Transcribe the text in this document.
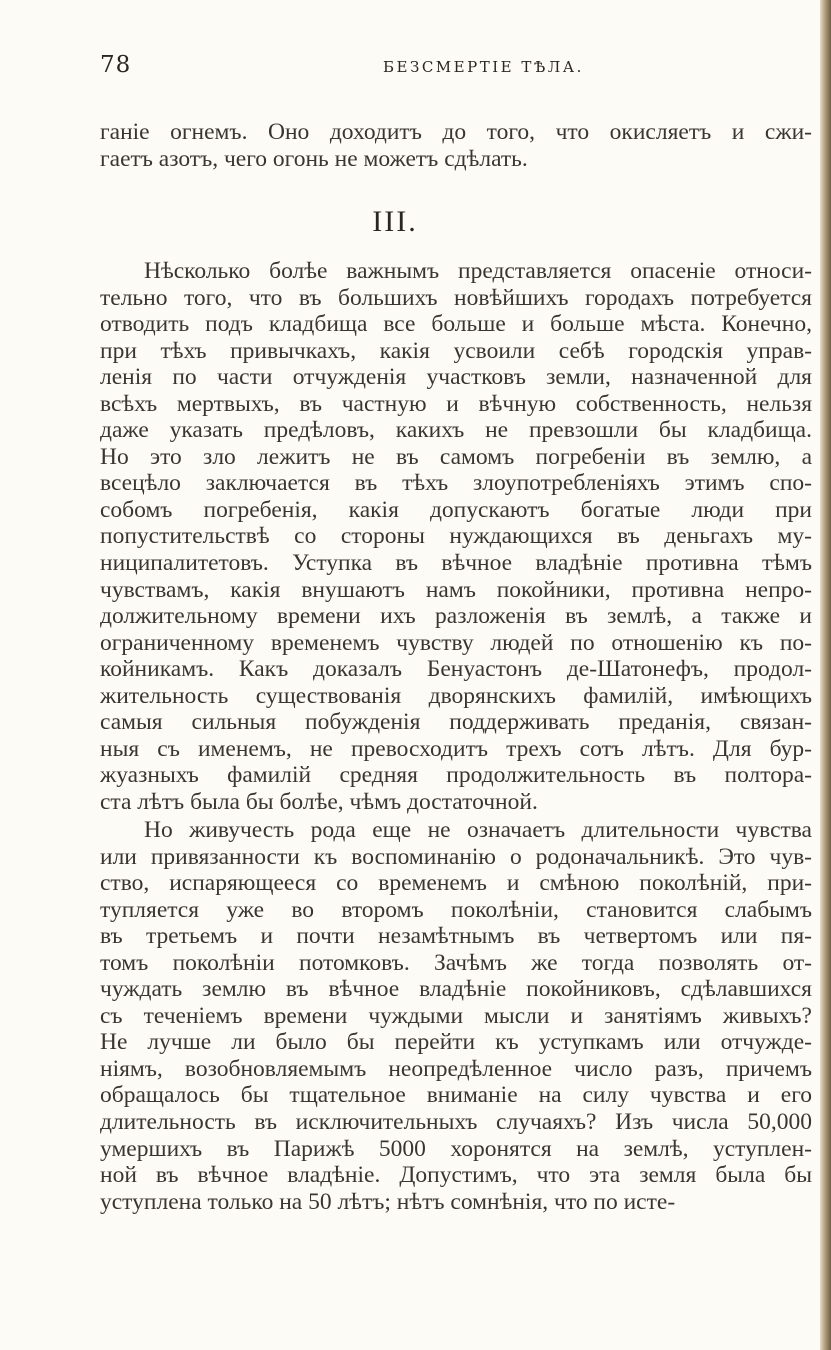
78	БЕЗСМЕРТІЕ ТѢЛА.
ганіе огнемъ. Оно доходитъ до того, что окисляетъ и сжи-
гаетъ азотъ, чего огонь не можетъ сдѣлать.
III.
Нѣсколько болѣе важнымъ представляется опасеніе относи-
тельно того, что въ большихъ новѣйшихъ городахъ потребуется
отводить подъ кладбища все больше и больше мѣста. Конечно,
при тѣхъ привычкахъ, какія усвоили себѣ городскія управ-
ленія по части отчужденія участковъ земли, назначенной для
всѣхъ мертвыхъ, въ частную и вѣчную собственность, нельзя
даже указать предѣловъ, какихъ не превзошли бы кладбища.
Но это зло лежитъ не въ самомъ погребеніи въ землю, а
всецѣло заключается въ тѣхъ злоупотребленіяхъ этимъ спо-
собомъ погребенія, какія допускаютъ богатые люди при
попустительствѣ со стороны нуждающихся въ деньгахъ му-
ниципалитетовъ. Уступка въ вѣчное владѣніе противна тѣмъ
чувствамъ, какія внушаютъ намъ покойники, противна непро-
должительному времени ихъ разложенія въ землѣ, а также и
ограниченному временемъ чувству людей по отношенію къ по-
койникамъ. Какъ доказалъ Бенуастонъ де-Шатонефъ, продол-
жительность существованія дворянскихъ фамилій, имѣющихъ
самыя сильныя побужденія поддерживать преданія, связан-
ныя съ именемъ, не превосходитъ трехъ сотъ лѣтъ. Для бур-
жуазныхъ фамилій средняя продолжительность въ полтора-
ста лѣтъ была бы болѣе, чѣмъ достаточной.
Но живучесть рода еще не означаетъ длительности чувства
или привязанности къ воспоминанію о родоначальникѣ. Это чув-
ство, испаряющееся со временемъ и смѣною поколѣній, при-
тупляется уже во второмъ поколѣніи, становится слабымъ
въ третьемъ и почти незамѣтнымъ въ четвертомъ или пя-
томъ поколѣніи потомковъ. Зачѣмъ же тогда позволять от-
чуждать землю въ вѣчное владѣніе покойниковъ, сдѣлавшихся
съ теченіемъ времени чуждыми мысли и занятіямъ живыхъ?
Не лучше ли было бы перейти къ уступкамъ или отчужде-
ніямъ, возобновляемымъ неопредѣленное число разъ, причемъ
обращалось бы тщательное вниманіе на силу чувства и его
длительность въ исключительныхъ случаяхъ? Изъ числа 50,000
умершихъ въ Парижѣ 5000 хоронятся на землѣ, уступлен-
ной въ вѣчное владѣніе. Допустимъ, что эта земля была бы
уступлена только на 50 лѣтъ; нѣтъ сомнѣнія, что по исте-
